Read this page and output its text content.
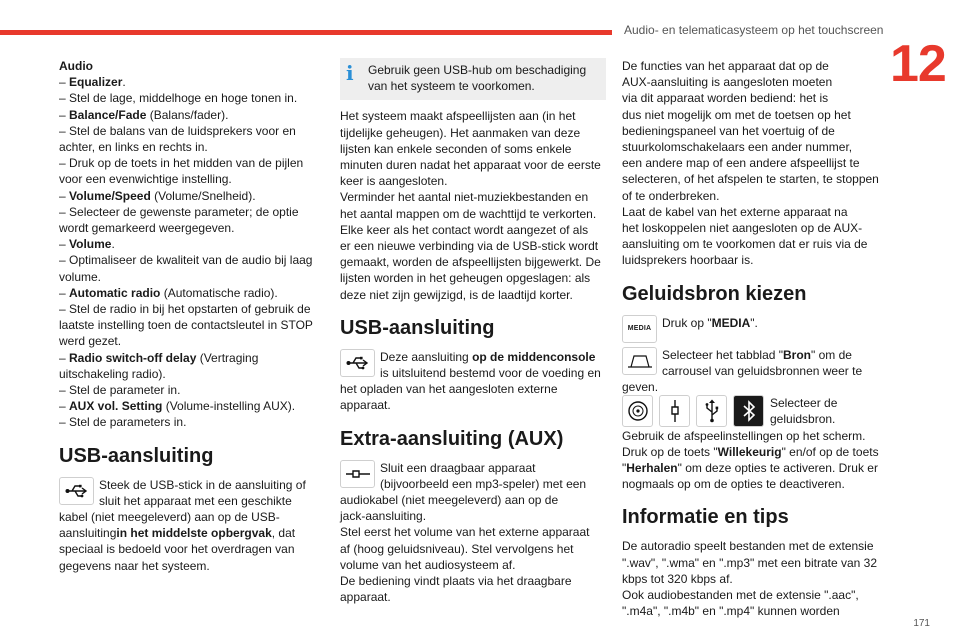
Audio- en telematicasysteem op het touchscreen
12
Audio
– Equalizer.
– Stel de lage, middelhoge en hoge tonen in.
– Balance/Fade (Balans/fader).
– Stel de balans van de luidsprekers voor en
achter, en links en rechts in.
– Druk op de toets in het midden van de pijlen
voor een evenwichtige instelling.
– Volume/Speed (Volume/Snelheid).
– Selecteer de gewenste parameter; de optie
wordt gemarkeerd weergegeven.
– Volume.
– Optimaliseer de kwaliteit van de audio bij laag
volume.
– Automatic radio (Automatische radio).
– Stel de radio in bij het opstarten of gebruik de
laatste instelling toen de contactsleutel in STOP
werd gezet.
– Radio switch-off delay (Vertraging
uitschakeling radio).
– Stel de parameter in.
– AUX vol. Setting (Volume-instelling AUX).
– Stel de parameters in.
USB-aansluiting
Steek de USB-stick in de aansluiting of
sluit het apparaat met een geschikte
kabel (niet meegeleverd) aan op de USB-
aansluitingin het middelste opbergvak, dat
speciaal is bedoeld voor het overdragen van
gegevens naar het systeem.
i	Gebruik geen USB-hub om beschadiging
van het systeem te voorkomen.
Het systeem maakt afspeellijsten aan (in het
tijdelijke geheugen). Het aanmaken van deze
lijsten kan enkele seconden of soms enkele
minuten duren nadat het apparaat voor de eerste
keer is aangesloten.
Verminder het aantal niet-muziekbestanden en
het aantal mappen om de wachttijd te verkorten.
Elke keer als het contact wordt aangezet of als
er een nieuwe verbinding via de USB-stick wordt
gemaakt, worden de afspeellijsten bijgewerkt. De
lijsten worden in het geheugen opgeslagen: als
deze niet zijn gewijzigd, is de laadtijd korter.
USB-aansluiting
Deze aansluiting op de middenconsole
is uitsluitend bestemd voor de voeding en
het opladen van het aangesloten externe
apparaat.
Extra-aansluiting (AUX)
Sluit een draagbaar apparaat
(bijvoorbeeld een mp3-speler) met een
audiokabel (niet meegeleverd) aan op de
jack-aansluiting.
Stel eerst het volume van het externe apparaat
af (hoog geluidsniveau). Stel vervolgens het
volume van het audiosysteem af.
De bediening vindt plaats via het draagbare
apparaat.
De functies van het apparaat dat op de
AUX-aansluiting is aangesloten moeten
via dit apparaat worden bediend: het is
dus niet mogelijk om met de toetsen op het
bedieningspaneel van het voertuig of de
stuurkolomschakelaars een ander nummer,
een andere map of een andere afspeellijst te
selecteren, of het afspelen te starten, te stoppen
of te onderbreken.
Laat de kabel van het externe apparaat na
het loskoppelen niet aangesloten op de AUX-
aansluiting om te voorkomen dat er ruis via de
luidsprekers hoorbaar is.
Geluidsbron kiezen
MEDIA Druk op "MEDIA".
Selecteer het tabblad "Bron" om de
carrousel van geluidsbronnen weer te
geven.
Selecteer de
geluidsbron.
Gebruik de afspeelinstellingen op het scherm.
Druk op de toets "Willekeurig" en/of op de toets
"Herhalen" om deze opties te activeren. Druk er
nogmaals op om de opties te deactiveren.
Informatie en tips
De autoradio speelt bestanden met de extensie
".wav", ".wma" en ".mp3" met een bitrate van 32
kbps tot 320 kbps af.
Ook audiobestanden met de extensie ".aac",
".m4a", ".m4b" en ".mp4" kunnen worden
171
